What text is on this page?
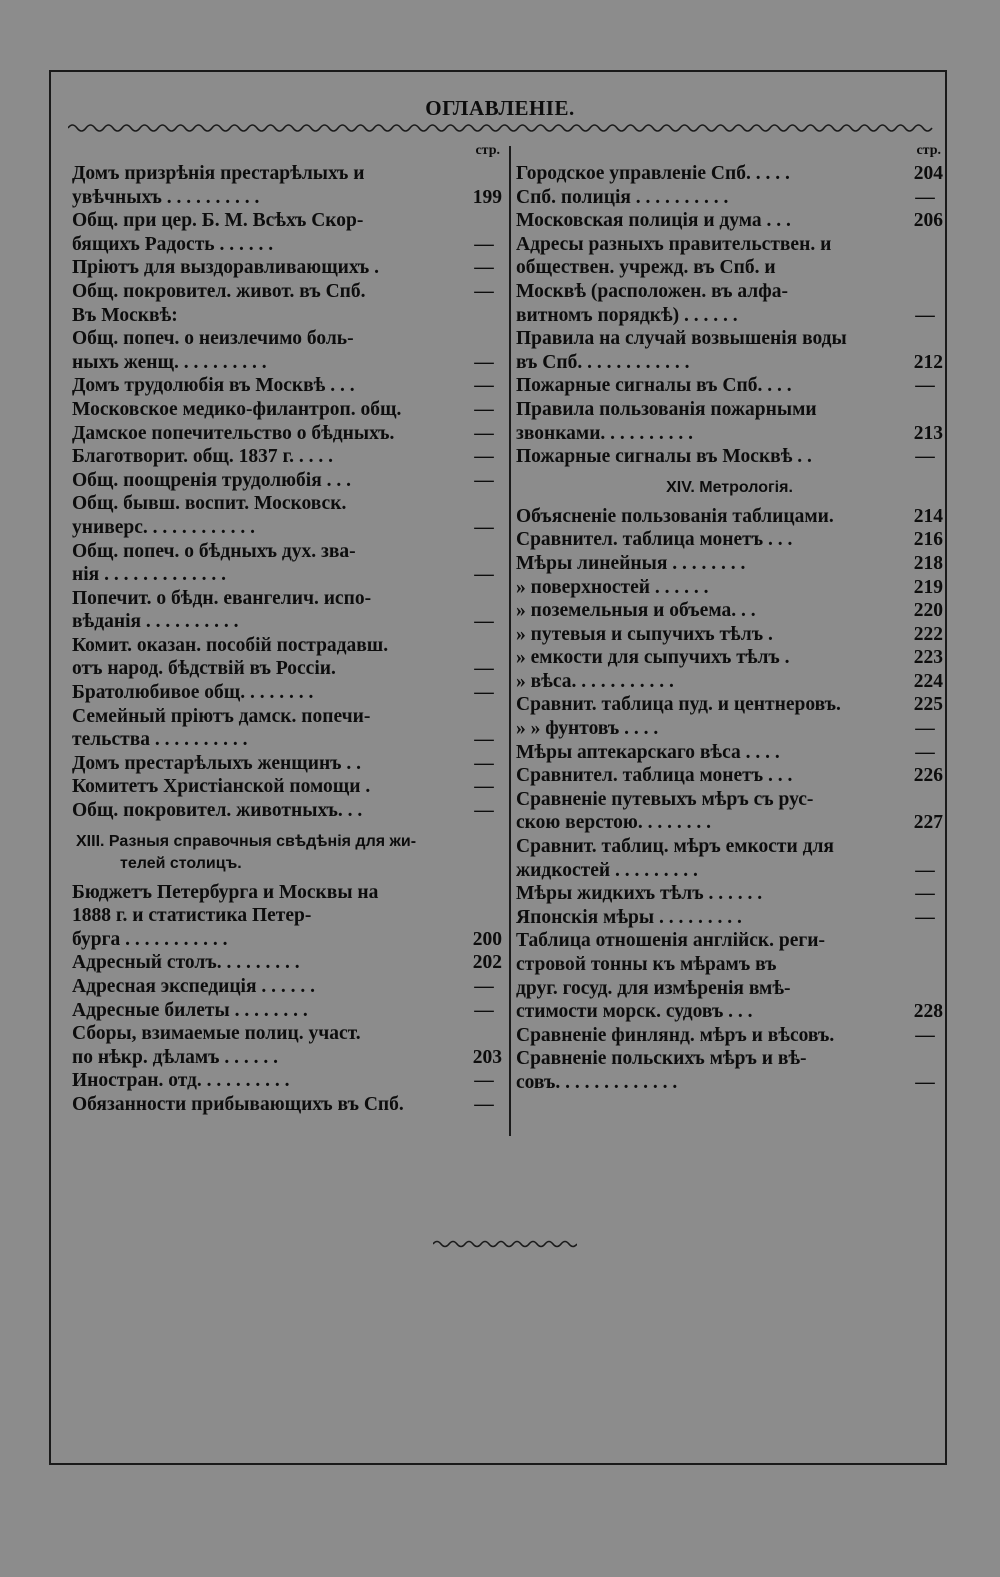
ОГЛАВЛЕНІЕ.
стр.
Домъ призрѣнія престарѣлыхъ и
увѣчныхъ . . . . . . . . . .	199
Общ. при цер. Б. М. Всѣхъ Скор-
бящихъ Радость . . . . . .	—
Пріютъ для выздоравливающихъ .	—
Общ. покровител. живот. въ Спб.	—
Въ Москвѣ:
Общ. попеч. о неизлечимо боль-
ныхъ женщ. . . . . . . . . .	—
Домъ трудолюбія въ Москвѣ . . .	—
Московское медико-филантроп. общ.	—
Дамское попечительство о бѣдныхъ.	—
Благотворит. общ. 1837 г. . . . .	—
Общ. поощренія трудолюбія . . .	—
Общ. бывш. воспит. Московск.
универс. . . . . . . . . . . .	—
Общ. попеч. о бѣдныхъ дух. зва-
нія . . . . . . . . . . . . .	—
Попечит. о бѣдн. евангелич. испо-
вѣданія . . . . . . . . . .	—
Комит. оказан. пособій пострадавш.
отъ народ. бѣдствій въ Россіи.	—
Братолюбивое общ. . . . . . . .	—
Семейный пріютъ дамск. попечи-
тельства . . . . . . . . . .	—
Домъ престарѣлыхъ женщинъ . .	—
Комитетъ Христіанской помощи .	—
Общ. покровител. животныхъ. . .	—
XIII. Разныя справочныя свѣдѣнія для жи-
телей столицъ.
Бюджетъ Петербурга и Москвы на
1888 г. и статистика Петер-
бурга . . . . . . . . . . .	200
Адресный столъ. . . . . . . . .	202
Адресная экспедиція . . . . . .	—
Адресные билеты . . . . . . . .	—
Сборы, взимаемые полиц. участ.
по нѣкр. дѣламъ . . . . . .	203
Иностран. отд. . . . . . . . . .	—
Обязанности прибывающихъ въ Спб.	—
стр.
Городское управленіе Спб. . . . .	204
Спб. полиція . . . . . . . . . .	—
Московская полиція и дума . . .	206
Адресы разныхъ правительствен. и
обществен. учрежд. въ Спб. и
Москвѣ (расположен. въ алфа-
витномъ порядкѣ) . . . . . .	—
Правила на случай возвышенія воды
въ Спб. . . . . . . . . . . .	212
Пожарные сигналы въ Спб. . . .	—
Правила пользованія пожарными
звонками. . . . . . . . . .	213
Пожарные сигналы въ Москвѣ . .	—
XIV. Метрологія.
Объясненіе пользованія таблицами.	214
Сравнител. таблица монетъ . . .	216
Мѣры линейныя . . . . . . . .	218
» поверхностей . . . . . .	219
» поземельныя и объема. . .	220
» путевыя и сыпучихъ тѣлъ .	222
» емкости для сыпучихъ тѣлъ .	223
» вѣса. . . . . . . . . . .	224
Сравнит. таблица пуд. и центнеровъ.	225
» » фунтовъ . . . .	—
Мѣры аптекарскаго вѣса . . . .	—
Сравнител. таблица монетъ . . .	226
Сравненіе путевыхъ мѣръ съ рус-
скою верстою. . . . . . . .	227
Сравнит. таблиц. мѣръ емкости для
жидкостей . . . . . . . . .	—
Мѣры жидкихъ тѣлъ . . . . . .	—
Японскія мѣры . . . . . . . . .	—
Таблица отношенія англійск. реги-
стровой тонны къ мѣрамъ въ
друг. госуд. для измѣренія вмѣ-
стимости морск. судовъ . . .	228
Сравненіе финлянд. мѣръ и вѣсовъ.	—
Сравненіе польскихъ мѣръ и вѣ-
совъ. . . . . . . . . . . . .	—
